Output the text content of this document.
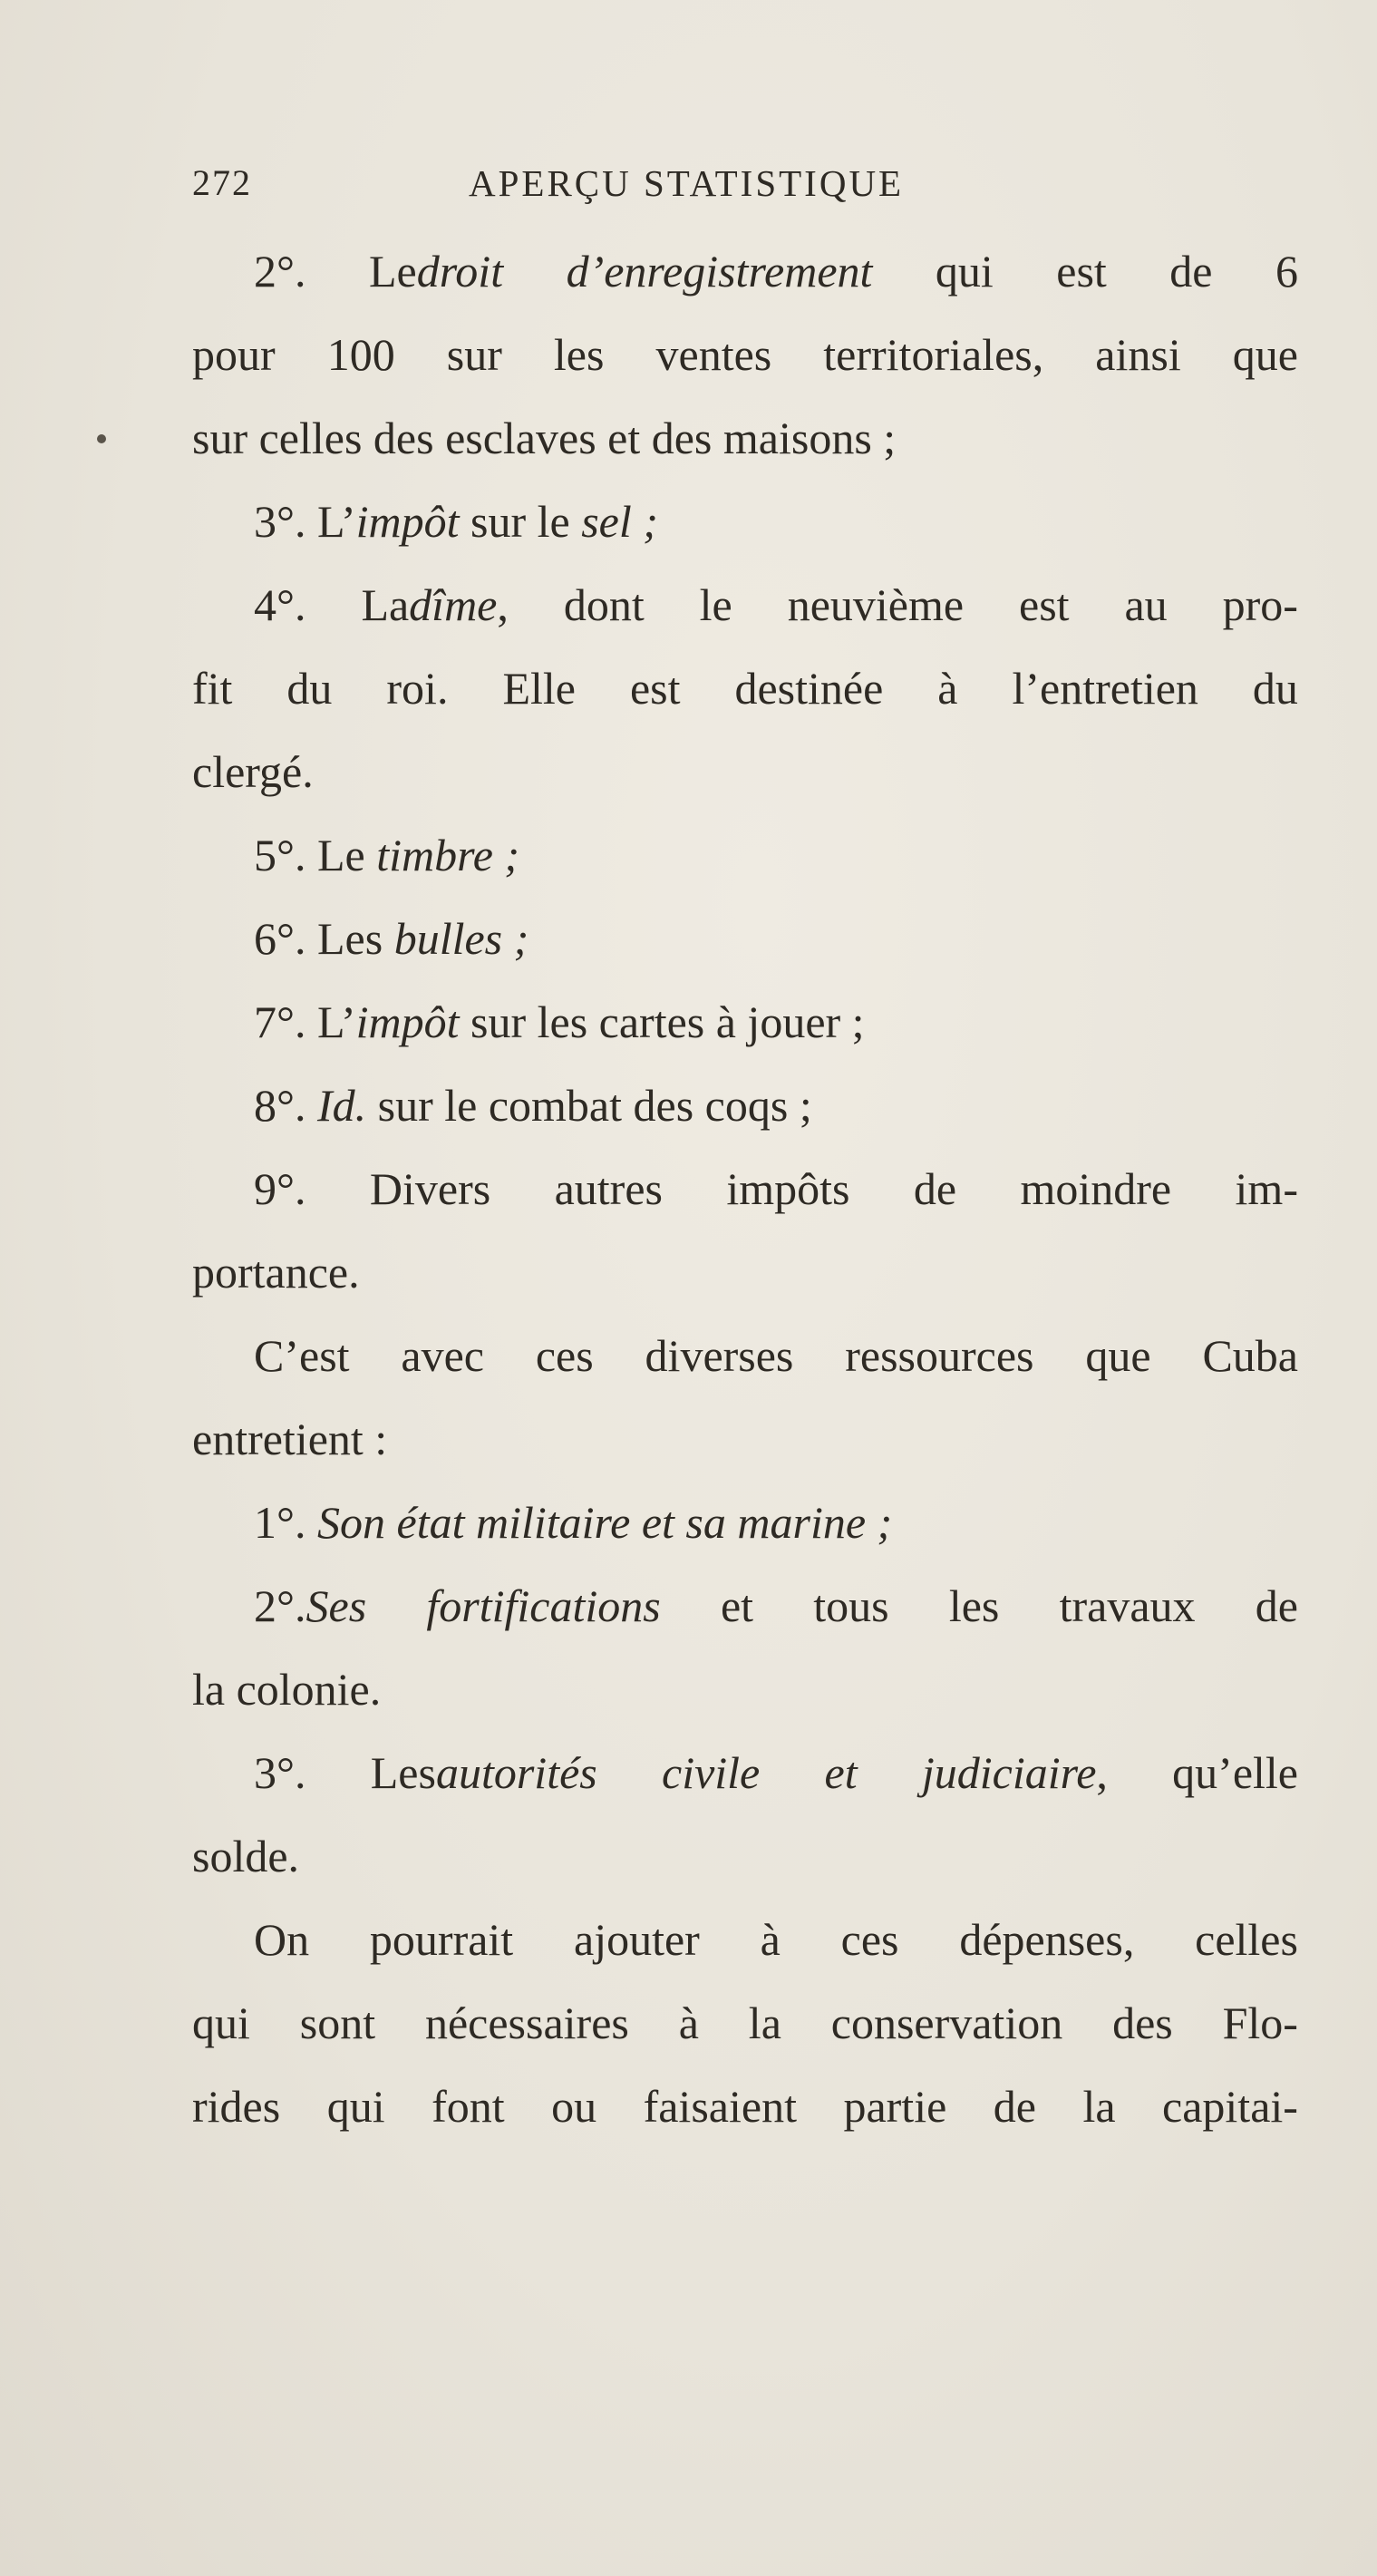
272	APERÇU STATISTIQUE
2°. Ledroit d’enregistrement qui est de 6
pour 100 sur les ventes territoriales, ainsi que
sur celles des esclaves et des maisons ;
3°. L’ impôt sur le sel ;
4°. Ladîme, dont le neuvième est au pro-
fit du roi. Elle est destinée à l’entretien du
clergé.
5°. Le timbre ;
6°. Les bulles ;
7°. L’ impôt sur les cartes à jouer ;
8°. Id. sur le combat des coqs ;
9°. Divers autres impôts de moindre im-
portance.
C’est avec ces diverses ressources que Cuba
entretient :
1°. Son état militaire et sa marine ;
2°.Ses fortifications et tous les travaux de
la colonie.
3°. Lesautorités civile et judiciaire, qu’elle
solde.
On pourrait ajouter à ces dépenses, celles
qui sont nécessaires à la conservation des Flo-
rides qui font ou faisaient partie de la capitai-
